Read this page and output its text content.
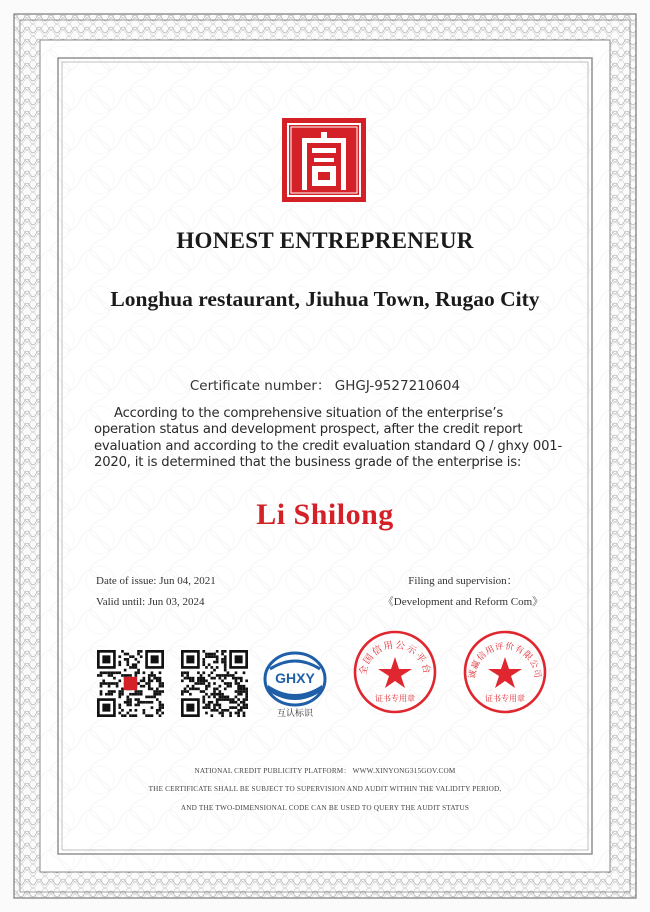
HONEST ENTREPRENEUR
Longhua restaurant, Jiuhua Town, Rugao City
Certificate number： GHGJ-9527210604
According to the comprehensive situation of the enterprise’s operation status and development prospect, after the credit report evaluation and according to the credit evaluation standard Q / ghxy 001-2020, it is determined that the business grade of the enterprise is:
Li Shilong
Date of issue: Jun 04, 2021
Valid until: Jun 03, 2024
Filing and supervision：
《Development and Reform Com》
GHXY
互认标识
全国信用公示平台
证书专用章
诚赢信用评价有限公司
证书专用章
NATIONAL CREDIT PUBLICITY PLATFORM： WWW.XINYONG315GOV.COM
THE CERTIFICATE SHALL BE SUBJECT TO SUPERVISION AND AUDIT WITHIN THE VALIDITY PERIOD,
AND THE TWO-DIMENSIONAL CODE CAN BE USED TO QUERY THE AUDIT STATUS
